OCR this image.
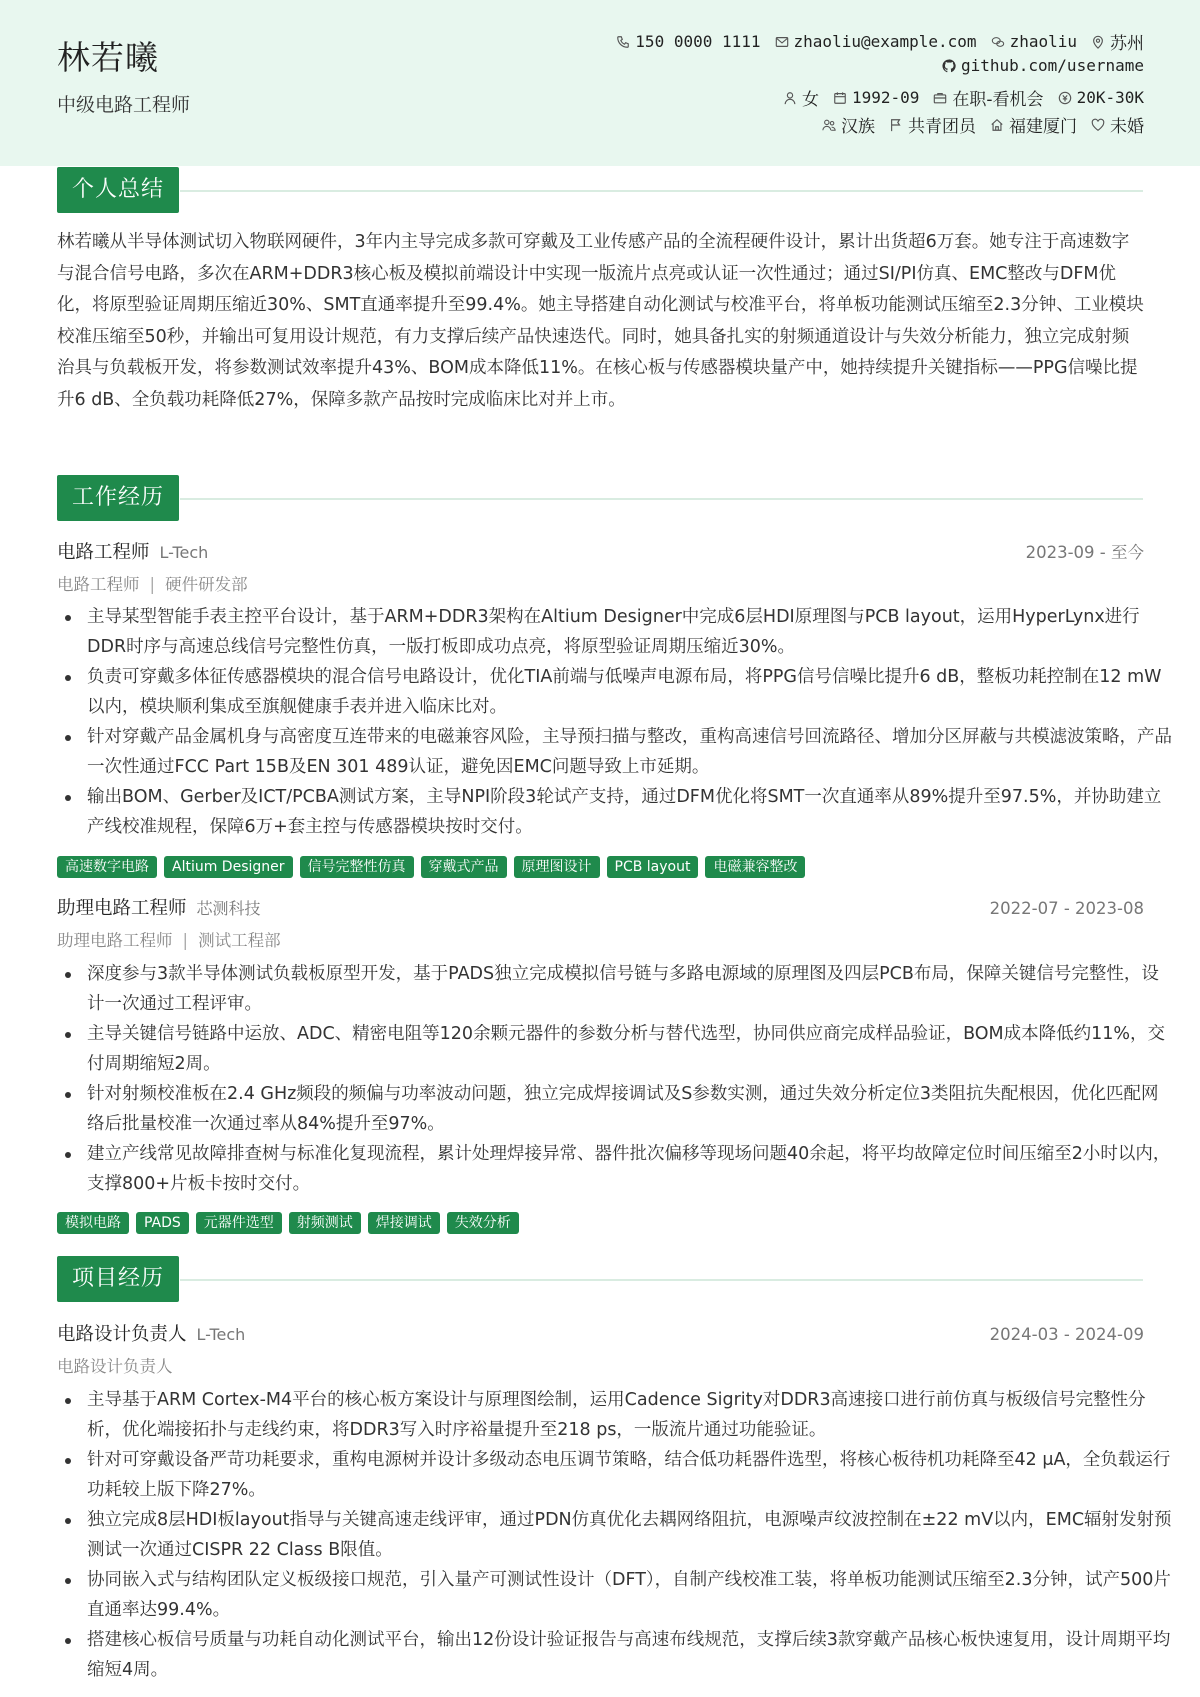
林若曦
中级电路工程师
150 0000 1111 zhaoliu@example.com zhaoliu 苏州
github.com/username
女 1992-09 在职-看机会 20K-30K
汉族 共青团员 福建厦门 未婚
个人总结
林若曦从半导体测试切入物联网硬件，3年内主导完成多款可穿戴及工业传感产品的全流程硬件设计，累计出货超6万套。她专注于高速数字与混合信号电路，多次在ARM+DDR3核心板及模拟前端设计中实现一版流片点亮或认证一次性通过；通过SI/PI仿真、EMC整改与DFM优化，将原型验证周期压缩近30%、SMT直通率提升至99.4%。她主导搭建自动化测试与校准平台，将单板功能测试压缩至2.3分钟、工业模块校准压缩至50秒，并输出可复用设计规范，有力支撑后续产品快速迭代。同时，她具备扎实的射频通道设计与失效分析能力，独立完成射频治具与负载板开发，将参数测试效率提升43%、BOM成本降低11%。在核心板与传感器模块量产中，她持续提升关键指标——PPG信噪比提升6 dB、全负载功耗降低27%，保障多款产品按时完成临床比对并上市。
工作经历
电路工程师 L-Tech	2023-09 - 至今
电路工程师 | 硬件研发部
主导某型智能手表主控平台设计，基于ARM+DDR3架构在Altium Designer中完成6层HDI原理图与PCB layout，运用HyperLynx进行DDR时序与高速总线信号完整性仿真，一版打板即成功点亮，将原型验证周期压缩近30%。
负责可穿戴多体征传感器模块的混合信号电路设计，优化TIA前端与低噪声电源布局，将PPG信号信噪比提升6 dB，整板功耗控制在12 mW以内，模块顺利集成至旗舰健康手表并进入临床比对。
针对穿戴产品金属机身与高密度互连带来的电磁兼容风险，主导预扫描与整改，重构高速信号回流路径、增加分区屏蔽与共模滤波策略，产品一次性通过FCC Part 15B及EN 301 489认证，避免因EMC问题导致上市延期。
输出BOM、Gerber及ICT/PCBA测试方案，主导NPI阶段3轮试产支持，通过DFM优化将SMT一次直通率从89%提升至97.5%，并协助建立产线校准规程，保障6万+套主控与传感器模块按时交付。
高速数字电路	Altium Designer	信号完整性仿真	穿戴式产品	原理图设计	PCB layout	电磁兼容整改
助理电路工程师 芯测科技	2022-07 - 2023-08
助理电路工程师 | 测试工程部
深度参与3款半导体测试负载板原型开发，基于PADS独立完成模拟信号链与多路电源域的原理图及四层PCB布局，保障关键信号完整性，设计一次通过工程评审。
主导关键信号链路中运放、ADC、精密电阻等120余颗元器件的参数分析与替代选型，协同供应商完成样品验证，BOM成本降低约11%，交付周期缩短2周。
针对射频校准板在2.4 GHz频段的频偏与功率波动问题，独立完成焊接调试及S参数实测，通过失效分析定位3类阻抗失配根因，优化匹配网络后批量校准一次通过率从84%提升至97%。
建立产线常见故障排查树与标准化复现流程，累计处理焊接异常、器件批次偏移等现场问题40余起，将平均故障定位时间压缩至2小时以内，支撑800+片板卡按时交付。
模拟电路	PADS	元器件选型	射频测试	焊接调试	失效分析
项目经历
电路设计负责人 L-Tech	2024-03 - 2024-09
电路设计负责人
主导基于ARM Cortex-M4平台的核心板方案设计与原理图绘制，运用Cadence Sigrity对DDR3高速接口进行前仿真与板级信号完整性分析，优化端接拓扑与走线约束，将DDR3写入时序裕量提升至218 ps，一版流片通过功能验证。
针对可穿戴设备严苛功耗要求，重构电源树并设计多级动态电压调节策略，结合低功耗器件选型，将核心板待机功耗降至42 μA，全负载运行功耗较上版下降27%。
独立完成8层HDI板layout指导与关键高速走线评审，通过PDN仿真优化去耦网络阻抗，电源噪声纹波控制在±22 mV以内，EMC辐射发射预测试一次通过CISPR 22 Class B限值。
协同嵌入式与结构团队定义板级接口规范，引入量产可测试性设计（DFT），自制产线校准工装，将单板功能测试压缩至2.3分钟，试产500片直通率达99.4%。
搭建核心板信号质量与功耗自动化测试平台，输出12份设计验证报告与高速布线规范，支撑后续3款穿戴产品核心板快速复用，设计周期平均缩短4周。
